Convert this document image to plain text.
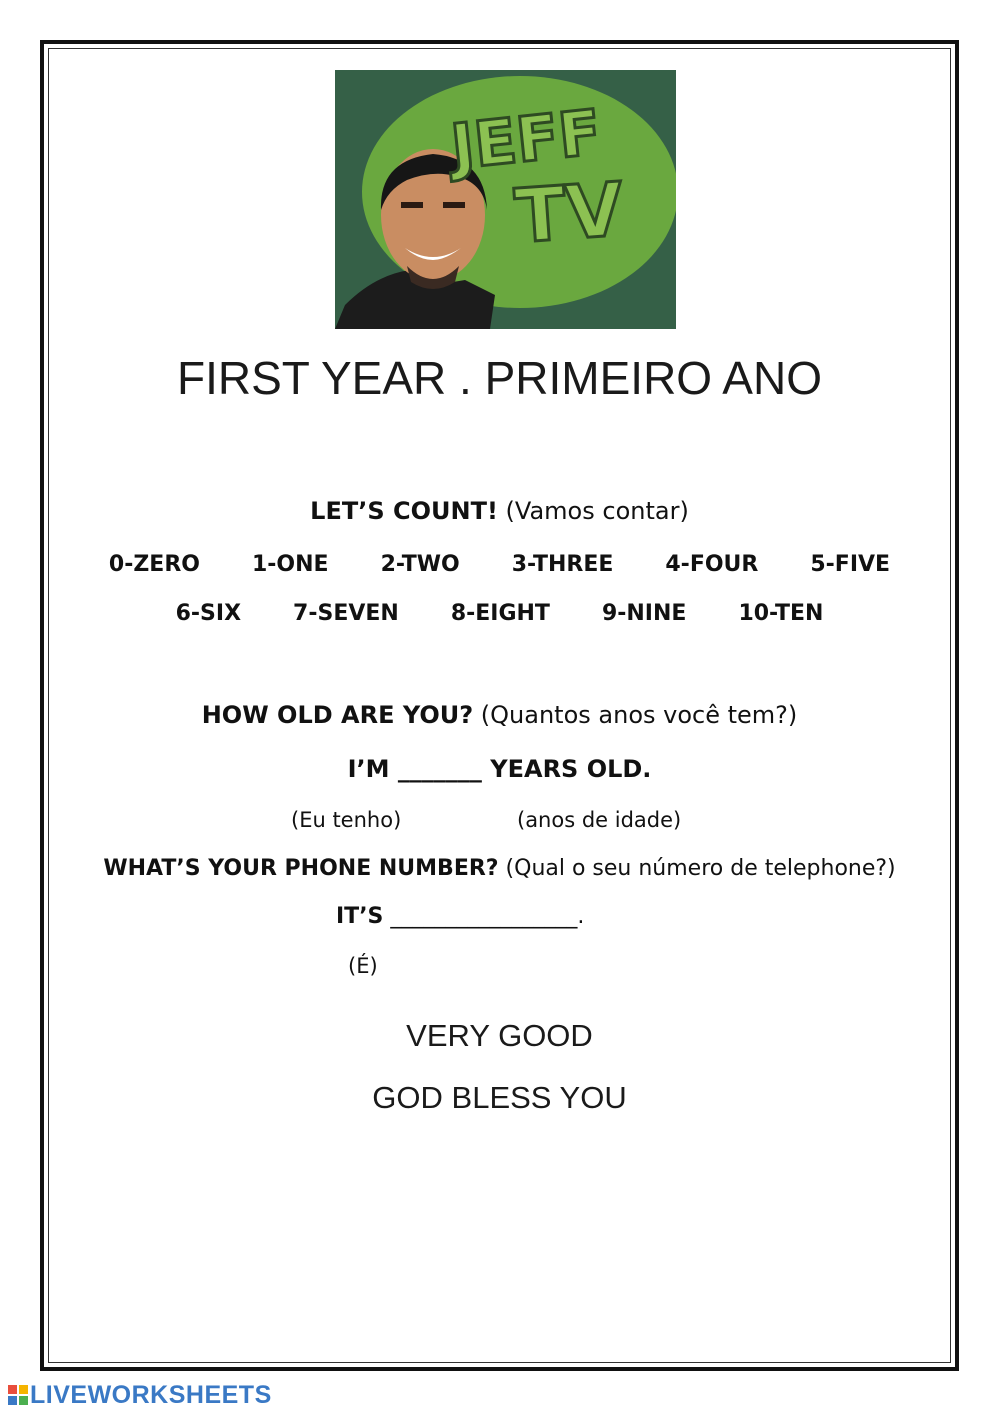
JEFF
TV
FIRST YEAR . PRIMEIRO ANO
LET’S COUNT! (Vamos contar)
0-ZERO 1-ONE 2-TWO 3-THREE 4-FOUR 5-FIVE
6-SIX 7-SEVEN 8-EIGHT 9-NINE 10-TEN
HOW OLD ARE YOU? (Quantos anos você tem?)
I’M _______ YEARS OLD.
(Eu tenho)	(anos de idade)
WHAT’S YOUR PHONE NUMBER? (Qual o seu número de telephone?)
IT’S _________________.
(É)
VERY GOOD
GOD BLESS YOU
LIVEWORKSHEETS
